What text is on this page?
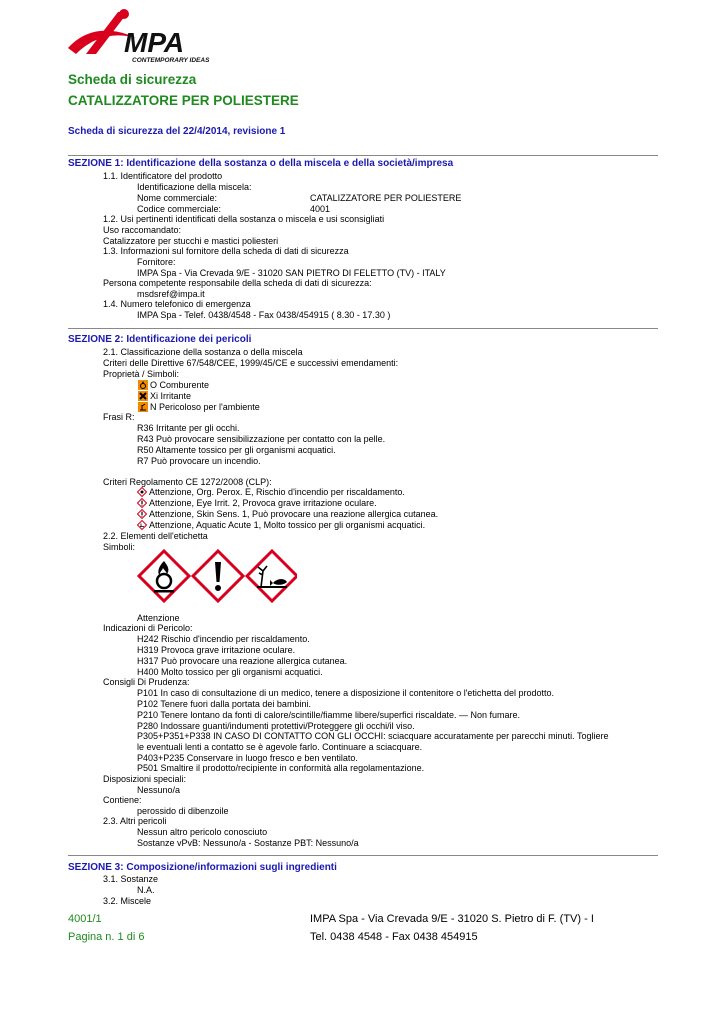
MPA
CONTEMPORARY IDEAS
Scheda di sicurezza
CATALIZZATORE PER POLIESTERE
Scheda di sicurezza del 22/4/2014, revisione 1
SEZIONE 1: Identificazione della sostanza o della miscela e della società/impresa
1.1. Identificatore del prodotto
Identificazione della miscela:
Nome commerciale:	CATALIZZATORE PER POLIESTERE
Codice commerciale:	4001
1.2. Usi pertinenti identificati della sostanza o miscela e usi sconsigliati
Uso raccomandato:
Catalizzatore per stucchi e mastici poliesteri
1.3. Informazioni sul fornitore della scheda di dati di sicurezza
Fornitore:
IMPA Spa - Via Crevada 9/E - 31020 SAN PIETRO DI FELETTO (TV) - ITALY
Persona competente responsabile della scheda di dati di sicurezza:
msdsref@impa.it
1.4. Numero telefonico di emergenza
IMPA Spa - Telef. 0438/4548 - Fax 0438/454915 ( 8.30 - 17.30 )
SEZIONE 2: Identificazione dei pericoli
2.1. Classificazione della sostanza o della miscela
Criteri delle Direttive 67/548/CEE, 1999/45/CE e successivi emendamenti:
Proprietà / Simboli:
O Comburente
Xi Irritante
N Pericoloso per l'ambiente
Frasi R:
R36 Irritante per gli occhi.
R43 Può provocare sensibilizzazione per contatto con la pelle.
R50 Altamente tossico per gli organismi acquatici.
R7 Può provocare un incendio.
Criteri Regolamento CE 1272/2008 (CLP):
Attenzione, Org. Perox. E, Rischio d'incendio per riscaldamento.
Attenzione, Eye Irrit. 2, Provoca grave irritazione oculare.
Attenzione, Skin Sens. 1, Può provocare una reazione allergica cutanea.
Attenzione, Aquatic Acute 1, Molto tossico per gli organismi acquatici.
2.2. Elementi dell'etichetta
Simboli:
Attenzione
Indicazioni di Pericolo:
H242 Rischio d'incendio per riscaldamento.
H319 Provoca grave irritazione oculare.
H317 Può provocare una reazione allergica cutanea.
H400 Molto tossico per gli organismi acquatici.
Consigli Di Prudenza:
P101 In caso di consultazione di un medico, tenere a disposizione il contenitore o l'etichetta del prodotto.
P102 Tenere fuori dalla portata dei bambini.
P210 Tenere lontano da fonti di calore/scintille/fiamme libere/superfici riscaldate. — Non fumare.
P280 Indossare guanti/indumenti protettivi/Proteggere gli occhi/il viso.
P305+P351+P338 IN CASO DI CONTATTO CON GLI OCCHI: sciacquare accuratamente per parecchi minuti. Togliere
le eventuali lenti a contatto se è agevole farlo. Continuare a sciacquare.
P403+P235 Conservare in luogo fresco e ben ventilato.
P501 Smaltire il prodotto/recipiente in conformità alla regolamentazione.
Disposizioni speciali:
Nessuno/a
Contiene:
perossido di dibenzoile
2.3. Altri pericoli
Nessun altro pericolo conosciuto
Sostanze vPvB: Nessuno/a - Sostanze PBT: Nessuno/a
SEZIONE 3: Composizione/informazioni sugli ingredienti
3.1. Sostanze
N.A.
3.2. Miscele
4001/1
Pagina n. 1 di 6
IMPA Spa - Via Crevada 9/E - 31020 S. Pietro di F. (TV) - I
Tel. 0438 4548 - Fax 0438 454915
